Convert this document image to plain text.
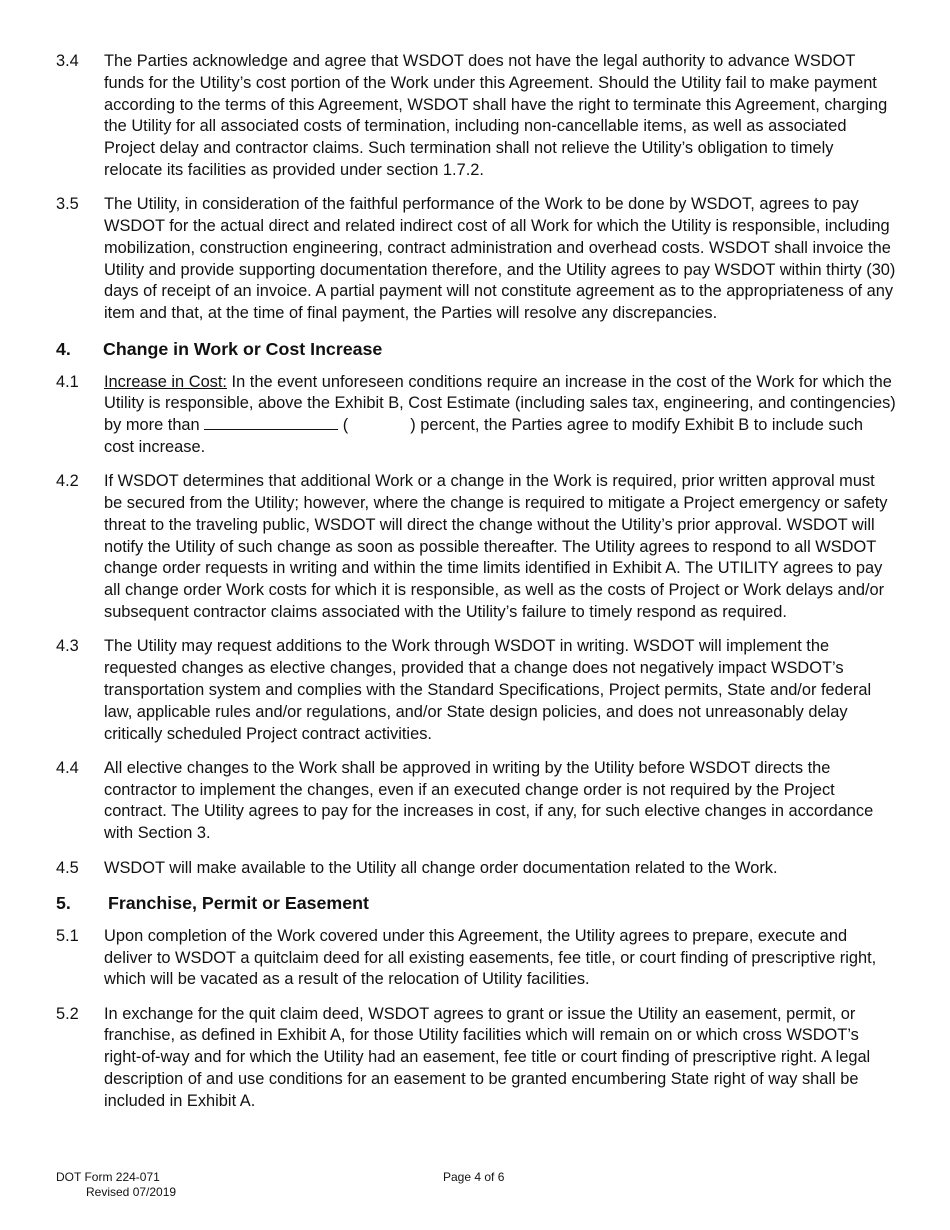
3.4	The Parties acknowledge and agree that WSDOT does not have the legal authority to advance WSDOT funds for the Utility’s cost portion of the Work under this Agreement. Should the Utility fail to make payment according to the terms of this Agreement, WSDOT shall have the right to terminate this Agreement, charging the Utility for all associated costs of termination, including non-cancellable items, as well as associated Project delay and contractor claims. Such termination shall not relieve the Utility’s obligation to timely relocate its facilities as provided under section 1.7.2.
3.5	The Utility, in consideration of the faithful performance of the Work to be done by WSDOT, agrees to pay WSDOT for the actual direct and related indirect cost of all Work for which the Utility is responsible, including mobilization, construction engineering, contract administration and overhead costs. WSDOT shall invoice the Utility and provide supporting documentation therefore, and the Utility agrees to pay WSDOT within thirty (30) days of receipt of an invoice. A partial payment will not constitute agreement as to the appropriateness of any item and that, at the time of final payment, the Parties will resolve any discrepancies.
4.	Change in Work or Cost Increase
4.1	Increase in Cost: In the event unforeseen conditions require an increase in the cost of the Work for which the Utility is responsible, above the Exhibit B, Cost Estimate (including sales tax, engineering, and contingencies) by more than	(	) percent, the Parties agree to modify Exhibit B to include such cost increase.
4.2	If WSDOT determines that additional Work or a change in the Work is required, prior written approval must be secured from the Utility; however, where the change is required to mitigate a Project emergency or safety threat to the traveling public, WSDOT will direct the change without the Utility’s prior approval. WSDOT will notify the Utility of such change as soon as possible thereafter. The Utility agrees to respond to all WSDOT change order requests in writing and within the time limits identified in Exhibit A. The UTILITY agrees to pay all change order Work costs for which it is responsible, as well as the costs of Project or Work delays and/or subsequent contractor claims associated with the Utility’s failure to timely respond as required.
4.3	The Utility may request additions to the Work through WSDOT in writing. WSDOT will implement the requested changes as elective changes, provided that a change does not negatively impact WSDOT’s transportation system and complies with the Standard Specifications, Project permits, State and/or federal law, applicable rules and/or regulations, and/or State design policies, and does not unreasonably delay critically scheduled Project contract activities.
4.4	All elective changes to the Work shall be approved in writing by the Utility before WSDOT directs the contractor to implement the changes, even if an executed change order is not required by the Project contract. The Utility agrees to pay for the increases in cost, if any, for such elective changes in accordance with Section 3.
4.5	WSDOT will make available to the Utility all change order documentation related to the Work.
5.	Franchise, Permit or Easement
5.1	Upon completion of the Work covered under this Agreement, the Utility agrees to prepare, execute and deliver to WSDOT a quitclaim deed for all existing easements, fee title, or court finding of prescriptive right, which will be vacated as a result of the relocation of Utility facilities.
5.2	In exchange for the quit claim deed, WSDOT agrees to grant or issue the Utility an easement, permit, or franchise, as defined in Exhibit A, for those Utility facilities which will remain on or which cross WSDOT’s right-of-way and for which the Utility had an easement, fee title or court finding of prescriptive right. A legal description of and use conditions for an easement to be granted encumbering State right of way shall be included in Exhibit A.
DOT Form 224-071
Revised 07/2019
Page 4 of 6
